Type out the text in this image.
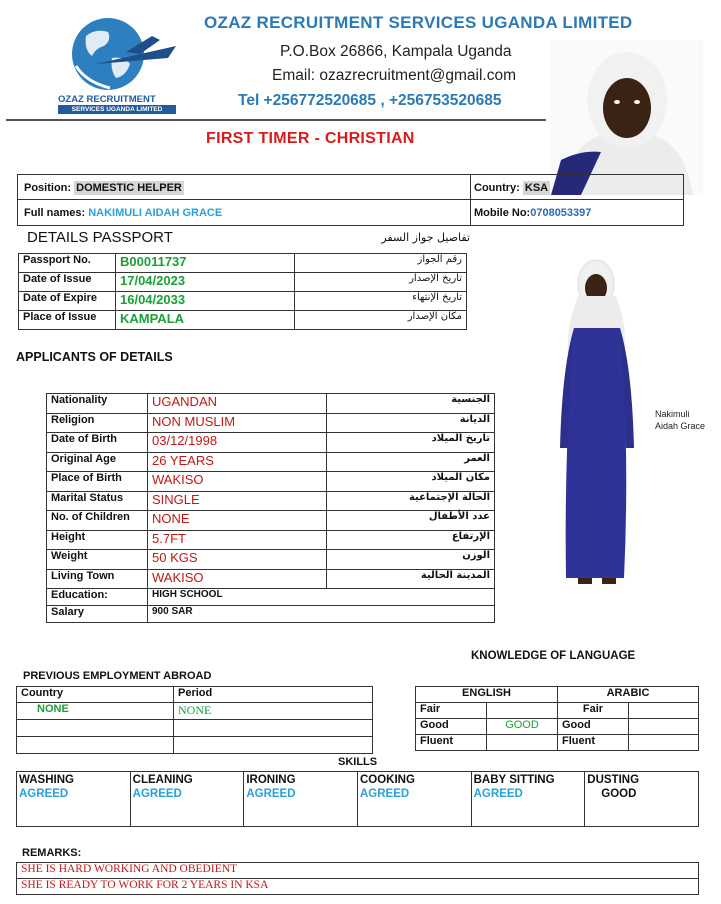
OZAZ RECRUITMENT
SERVICES UGANDA LIMITED
OZAZ RECRUITMENT SERVICES UGANDA LIMITED
P.O.Box 26866, Kampala Uganda
Email: ozazrecruitment@gmail.com
Tel +256772520685 , +256753520685
FIRST TIMER - CHRISTIAN
Position: DOMESTIC HELPER	Country: KSA
Full names: NAKIMULI AIDAH GRACE	Mobile No:0708053397
DETAILS PASSPORT	تفاصيل جواز السفر
Passport No.	B00011737	رقم الجواز
Date of Issue	17/04/2023	تاريخ الإصدار
Date of Expire	16/04/2033	تاريخ الإنتهاء
Place of Issue	KAMPALA	مكان الإصدار
Nakimuli
Aidah Grace
APPLICANTS OF DETAILS
Nationality	UGANDAN	الجنسية
Religion	NON MUSLIM	الديانة
Date of Birth	03/12/1998	تاريخ الميلاد
Original Age	26 YEARS	العمر
Place of Birth	WAKISO	مكان الميلاد
Marital Status	SINGLE	الحالة الإجتماعية
No. of Children	NONE	عدد الأطفال
Height	5.7FT	الإرتفاع
Weight	50 KGS	الوزن
Living Town	WAKISO	المدينة الحالية
Education:	HIGH SCHOOL	
Salary	900 SAR	
PREVIOUS EMPLOYMENT ABROAD
Country	Period
NONE	NONE

KNOWLEDGE OF LANGUAGE
ENGLISH		ARABIC	
Fair		Fair	
Good	GOOD	Good	
Fluent		Fluent	
SKILLS
WASHING
AGREED

CLEANING
AGREED

IRONING
AGREED

COOKING
AGREED

BABY SITTING
AGREED

DUSTING
GOOD
REMARKS:
SHE IS HARD WORKING AND OBEDIENT
SHE IS READY TO WORK FOR 2 YEARS IN KSA
